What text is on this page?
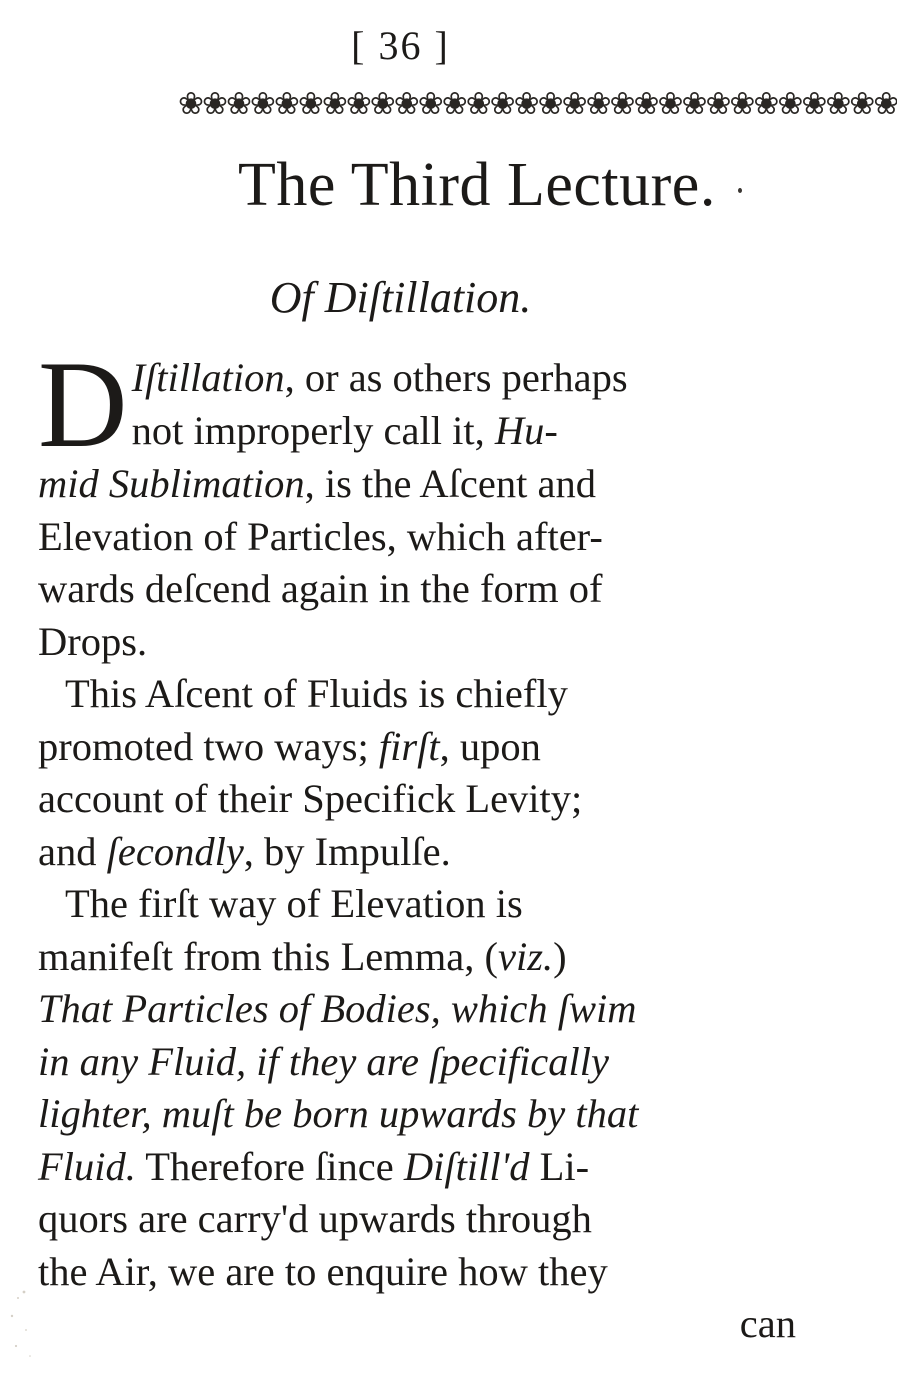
[ 36 ]
❀❀❀❀❀❀❀❀❀❀❀❀❀❀❀❀❀❀❀❀❀❀❀❀❀❀❀❀❀❀
The Third Lecture.
Of Diſtillation.
D Iſtillation, or as others perhaps
not improperly call it, Hu-
mid Sublimation, is the Aſcent and
Elevation of Particles, which after-
wards deſcend again in the form of
Drops.
This Aſcent of Fluids is chiefly
promoted two ways; firſt, upon
account of their Specifick Levity;
and ſecondly, by Impulſe.
The firſt way of Elevation is
manifeſt from this Lemma, (viz.)
That Particles of Bodies, which ſwim
in any Fluid, if they are ſpecifically
lighter, muſt be born upwards by that
Fluid. Therefore ſince Diſtill'd Li-
quors are carry'd upwards through
the Air, we are to enquire how they
can
